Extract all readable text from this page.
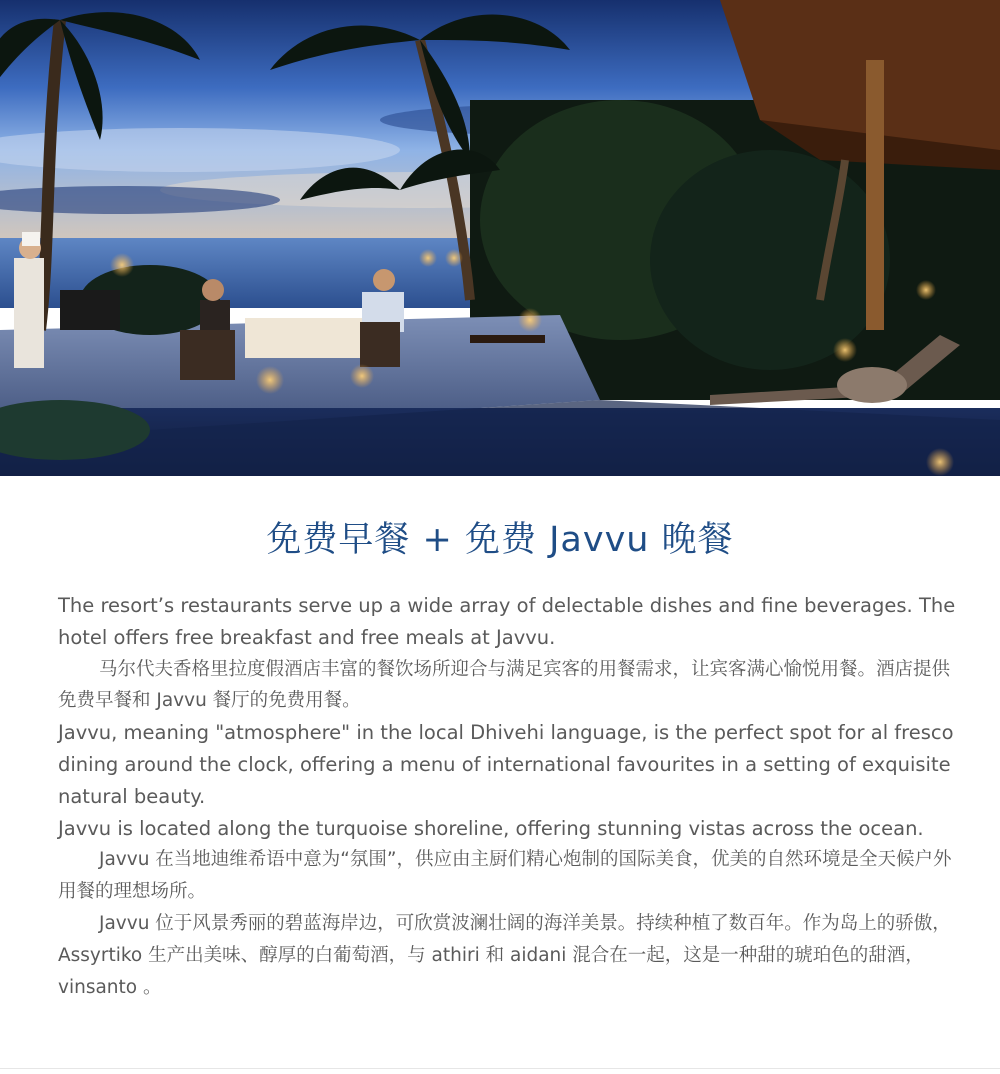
免费早餐 + 免费 Javvu 晚餐

The resort’s restaurants serve up a wide array of delectable dishes and fine beverages. The hotel offers free breakfast and free meals at Javvu.

马尔代夫香格里拉度假酒店丰富的餐饮场所迎合与满足宾客的用餐需求，让宾客满心愉悦用餐。酒店提供免费早餐和 Javvu 餐厅的免费用餐。

Javvu, meaning "atmosphere" in the local Dhivehi language, is the perfect spot for al fresco dining around the clock, offering a menu of international favourites in a setting of exquisite natural beauty.

Javvu is located along the turquoise shoreline, offering stunning vistas across the ocean.

Javvu 在当地迪维希语中意为“氛围”，供应由主厨们精心炮制的国际美食，优美的自然环境是全天候户外用餐的理想场所。

Javvu 位于风景秀丽的碧蓝海岸边，可欣赏波澜壮阔的海洋美景。持续种植了数百年。作为岛上的骄傲，Assyrtiko 生产出美味、醇厚的白葡萄酒，与 athiri 和 aidani 混合在一起，这是一种甜的琥珀色的甜酒，vinsanto 。
